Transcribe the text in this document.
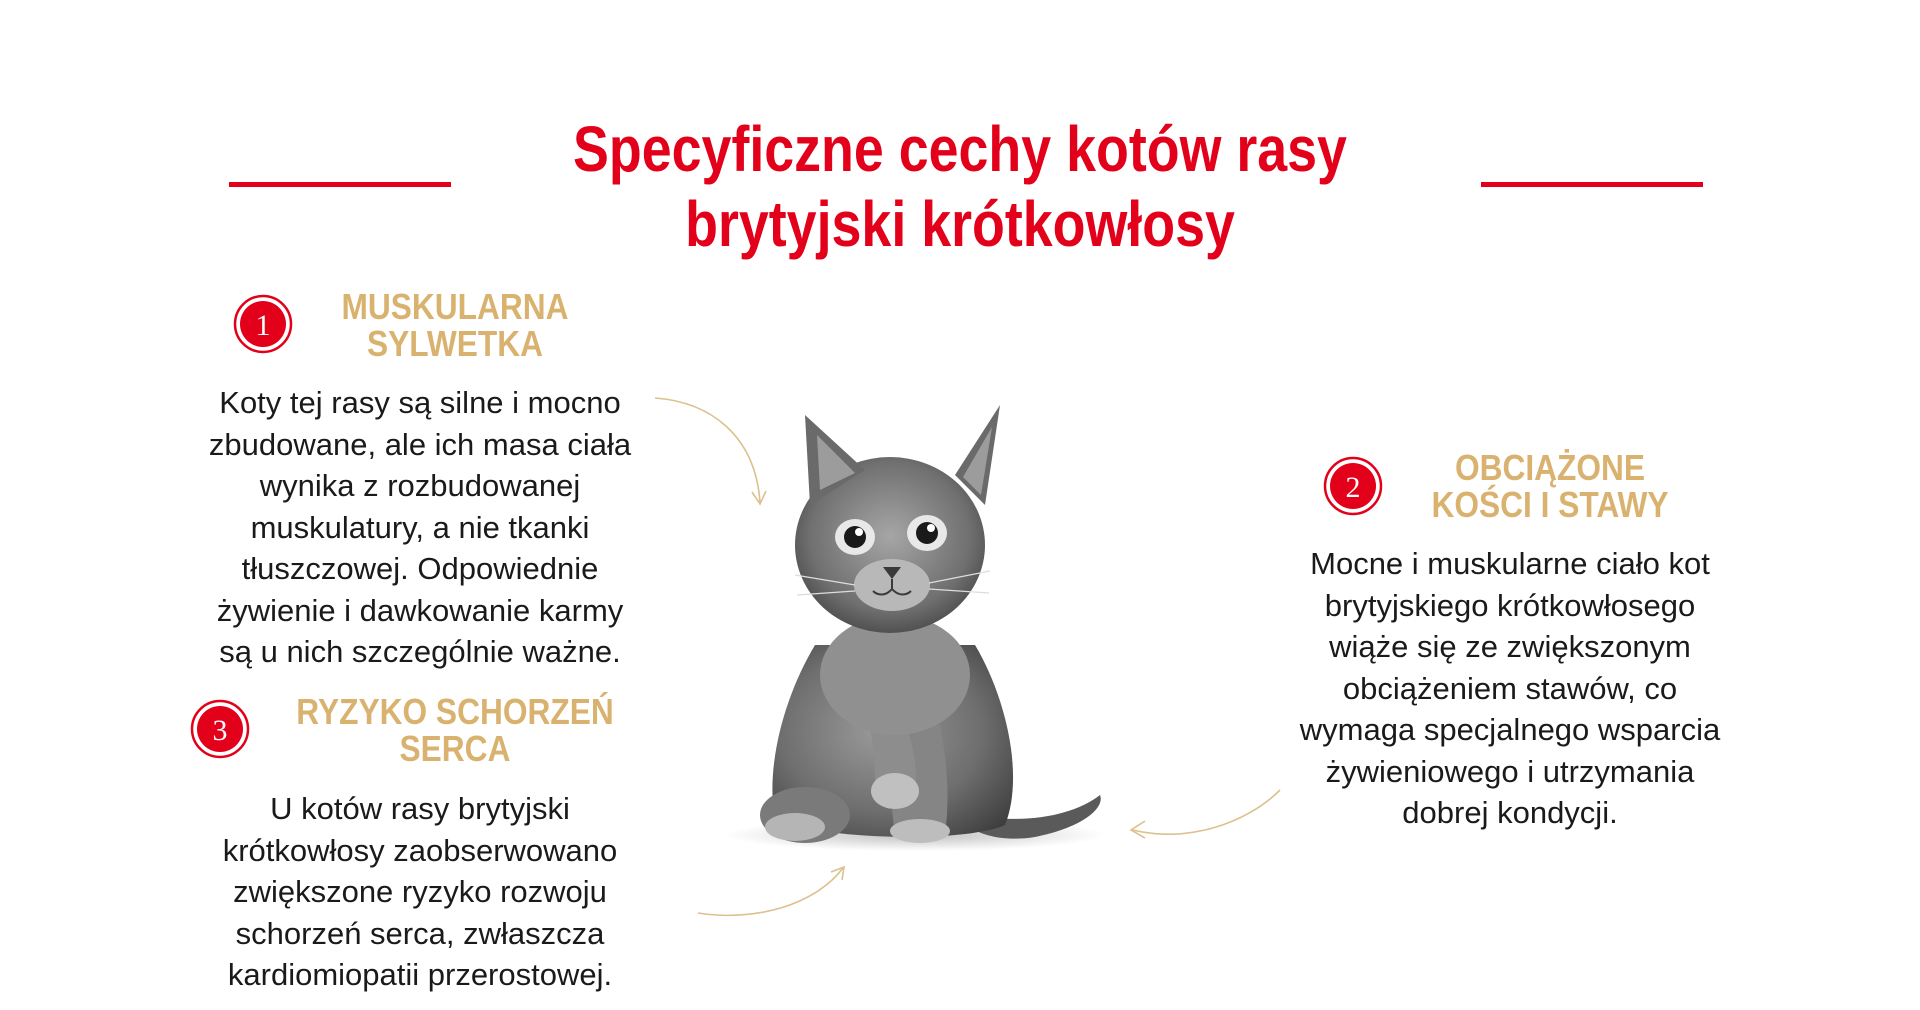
Specyficzne cechy kotów rasy
brytyjski krótkowłosy
1	MUSKULARNA
SYLWETKA

Koty tej rasy są silne i mocno
zbudowane, ale ich masa ciała
wynika z rozbudowanej
muskulatury, a nie tkanki
tłuszczowej. Odpowiednie
żywienie i dawkowanie karmy
są u nich szczególnie ważne.

2	OBCIĄŻONE
KOŚCI I STAWY

Mocne i muskularne ciało kot
brytyjskiego krótkowłosego
wiąże się ze zwiększonym
obciążeniem stawów, co
wymaga specjalnego wsparcia
żywieniowego i utrzymania
dobrej kondycji.

3	RYZYKO SCHORZEŃ
SERCA

U kotów rasy brytyjski
krótkowłosy zaobserwowano
zwiększone ryzyko rozwoju
schorzeń serca, zwłaszcza
kardiomiopatii przerostowej.
